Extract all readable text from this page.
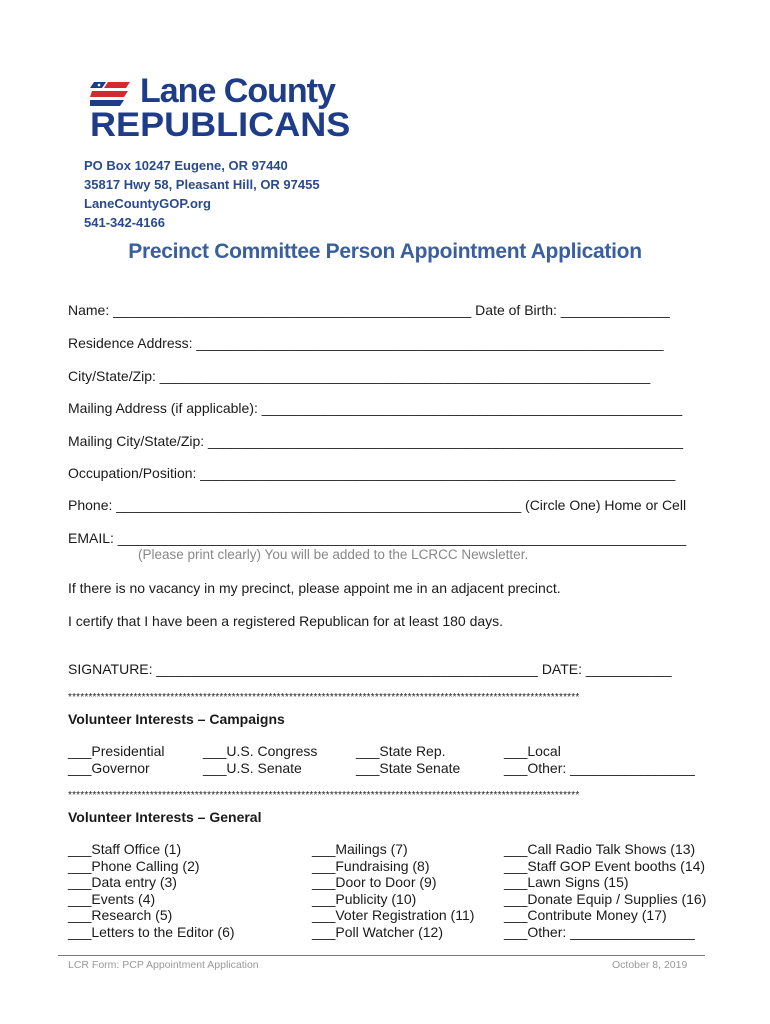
Lane County
REPUBLICANS
PO Box 10247 Eugene, OR 97440
35817 Hwy 58, Pleasant Hill, OR 97455
LaneCountyGOP.org
541-342-4166
Precinct Committee Person Appointment Application
Name: ______________________________________________ Date of Birth: ______________
Residence Address: ____________________________________________________________
City/State/Zip: _______________________________________________________________
Mailing Address (if applicable): ______________________________________________________
Mailing City/State/Zip: _____________________________________________________________
Occupation/Position: _____________________________________________________________
Phone: ____________________________________________________ (Circle One) Home or Cell
EMAIL: _________________________________________________________________________
(Please print clearly) You will be added to the LCRCC Newsletter.
If there is no vacancy in my precinct, please appoint me in an adjacent precinct.
I certify that I have been a registered Republican for at least 180 days.
SIGNATURE: _________________________________________________ DATE: ___________
*****************************************************************************************************************************
Volunteer Interests – Campaigns
___Presidential
___Governor
___U.S. Congress
___U.S. Senate
___State Rep.
___State Senate
___Local
___Other: ________________
*****************************************************************************************************************************
Volunteer Interests – General
___Staff Office (1)
___Phone Calling (2)
___Data entry (3)
___Events (4)
___Research (5)
___Letters to the Editor (6)
___Mailings (7)
___Fundraising (8)
___Door to Door (9)
___Publicity (10)
___Voter Registration (11)
___Poll Watcher (12)
___Call Radio Talk Shows (13)
___Staff GOP Event booths (14)
___Lawn Signs (15)
___Donate Equip / Supplies (16)
___Contribute Money (17)
___Other: ________________
LCR Form: PCP Appointment Application	October 8, 2019
